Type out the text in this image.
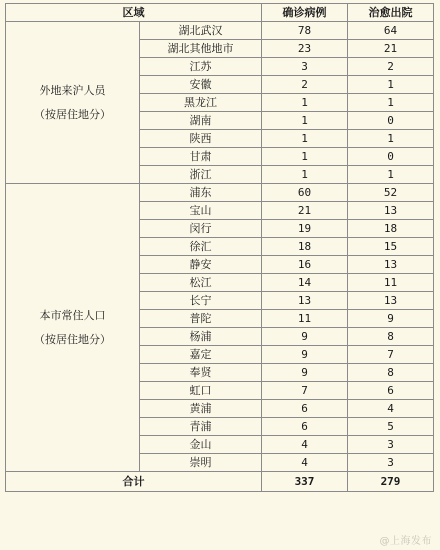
区域		确诊病例	治愈出院

外地来沪人员
（按居住地分）	湖北武汉	78	64
	湖北其他地市	23	21
	江苏	3	2
	安徽	2	1
	黑龙江	1	1
	湖南	1	0
	陕西	1	1
	甘肃	1	0
	浙江	1	1

本市常住人口
（按居住地分）	浦东	60	52
	宝山	21	13
	闵行	19	18
	徐汇	18	15
	静安	16	13
	松江	14	11
	长宁	13	13
	普陀	11	9
	杨浦	9	8
	嘉定	9	7
	奉贤	9	8
	虹口	7	6
	黄浦	6	4
	青浦	6	5
	金山	4	3
	崇明	4	3
合计		337	279
@上海发布
